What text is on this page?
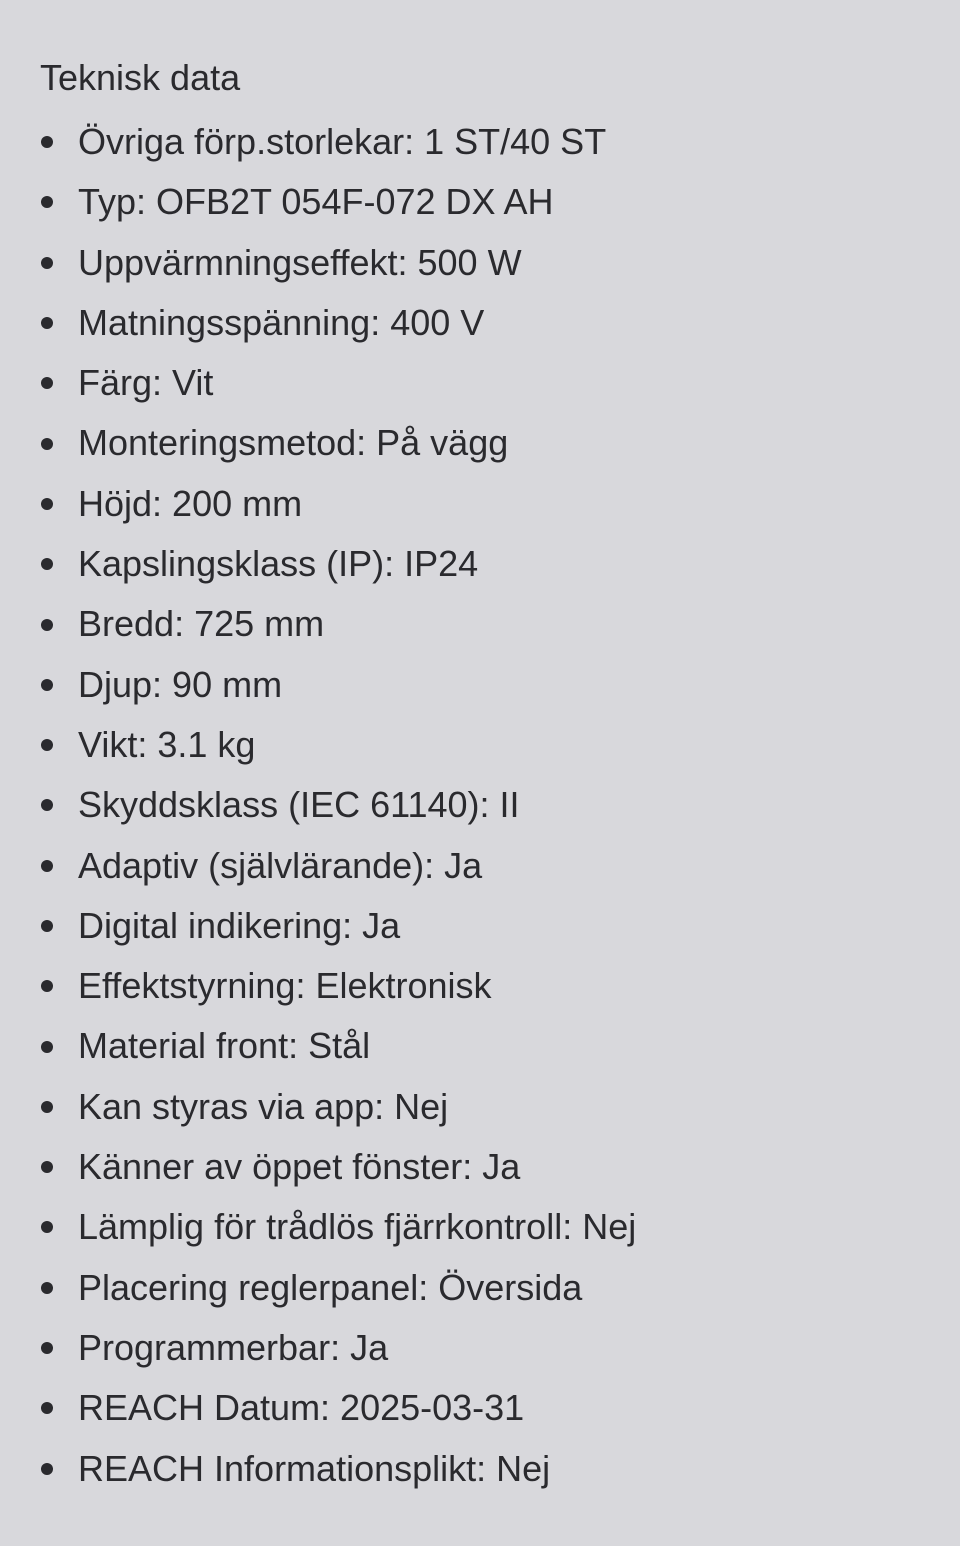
Teknisk data
Övriga förp.storlekar: 1 ST/40 ST
Typ: OFB2T 054F-072 DX AH
Uppvärmningseffekt: 500 W
Matningsspänning: 400 V
Färg: Vit
Monteringsmetod: På vägg
Höjd: 200 mm
Kapslingsklass (IP): IP24
Bredd: 725 mm
Djup: 90 mm
Vikt: 3.1 kg
Skyddsklass (IEC 61140): II
Adaptiv (självlärande): Ja
Digital indikering: Ja
Effektstyrning: Elektronisk
Material front: Stål
Kan styras via app: Nej
Känner av öppet fönster: Ja
Lämplig för trådlös fjärrkontroll: Nej
Placering reglerpanel: Översida
Programmerbar: Ja
REACH Datum: 2025-03-31
REACH Informationsplikt: Nej
